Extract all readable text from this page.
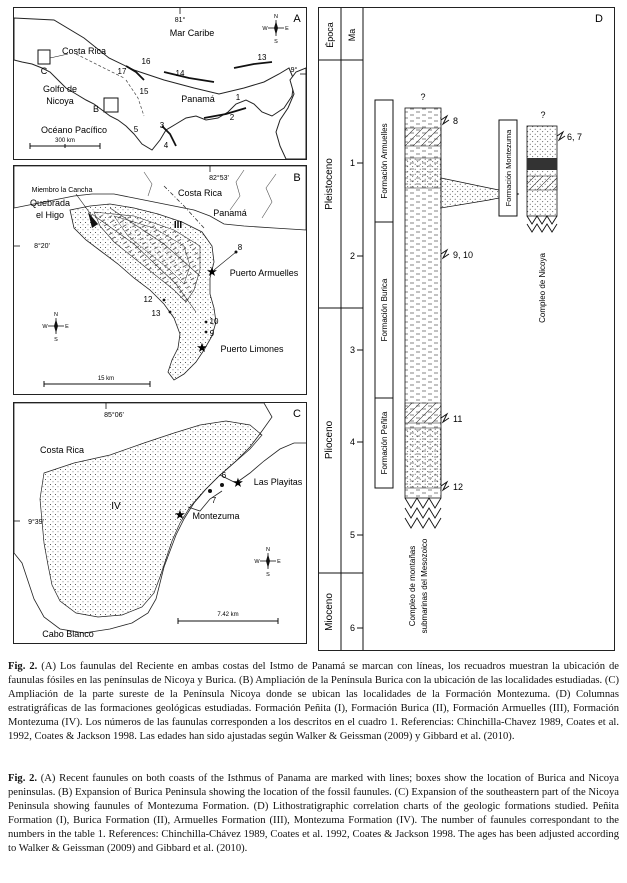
N
S
E
W
300 km
A
81°
9°
Mar Caribe
Costa Rica
Golfo de
Nicoya	Panamá
Océano Pacífico
C
B
1
2
3
4
5
13
14
15
16
17
★
★
N
S
E
W
15 km
B
82°53'
8°20'
Costa Rica
Panamá
Miembro la Cancha
Quebrada
el Higo
III
Puerto Armuelles
Puerto Limones
8
9
10
12
13
★
★
N
S
E
W
7.42 km
C
85°06'
9°39'
Costa Rica
IV
Las Playitas
Montezuma
Cabo Blanco
6
7
Época Ma
Pleistoceno
Plioceno
Mioceno
1
2
3
4
5
6
D
Formación Armuelles
Formación Burica
Formación Peñita
?
8
9, 10
11
12
Compleo de montañas submarinas del Mesozoico
Formación Montezuma
?
6, 7
Compleo de Nicoya

Fig. 2. (A) Los faunulas del Reciente en ambas costas del Istmo de Panamá se marcan con líneas, los recuadros muestran la ubicación de faunulas fósiles en las penínsulas de Nicoya y Burica. (B) Ampliación de la Península Burica con la ubicación de las localidades estudiadas. (C) Ampliación de la parte sureste de la Península Nicoya donde se ubican las localidades de la Formación Montezuma. (D) Columnas estratigráficas de las formaciones geológicas estudiadas. Formación Peñita (I), Formación Burica (II), Formación Armuelles (III), Formación Montezuma (IV). Los números de las faunulas corresponden a los descritos en el cuadro 1. Referencias: Chinchilla-Chavez 1989, Coates et al. 1992, Coates & Jackson 1998. Las edades han sido ajustadas según Walker & Geissman (2009) y Gibbard et al. (2010).

Fig. 2. (A) Recent faunules on both coasts of the Isthmus of Panama are marked with lines; boxes show the location of Burica and Nicoya peninsulas. (B) Expansion of Burica Peninsula showing the location of the fossil faunules. (C) Expansion of the southeastern part of the Nicoya Peninsula showing faunules of Montezuma Formation. (D) Lithostratigraphic correlation charts of the geologic formations studied. Peñita Formation (I), Burica Formation (II), Armuelles Formation (III), Montezuma Formation (IV). The number of faunules correspondant to the numbers in the table 1. References: Chinchilla-Chávez 1989, Coates et al. 1992, Coates & Jackson 1998. The ages has been adjusted according to Walker & Geissman (2009) and Gibbard et al. (2010).
